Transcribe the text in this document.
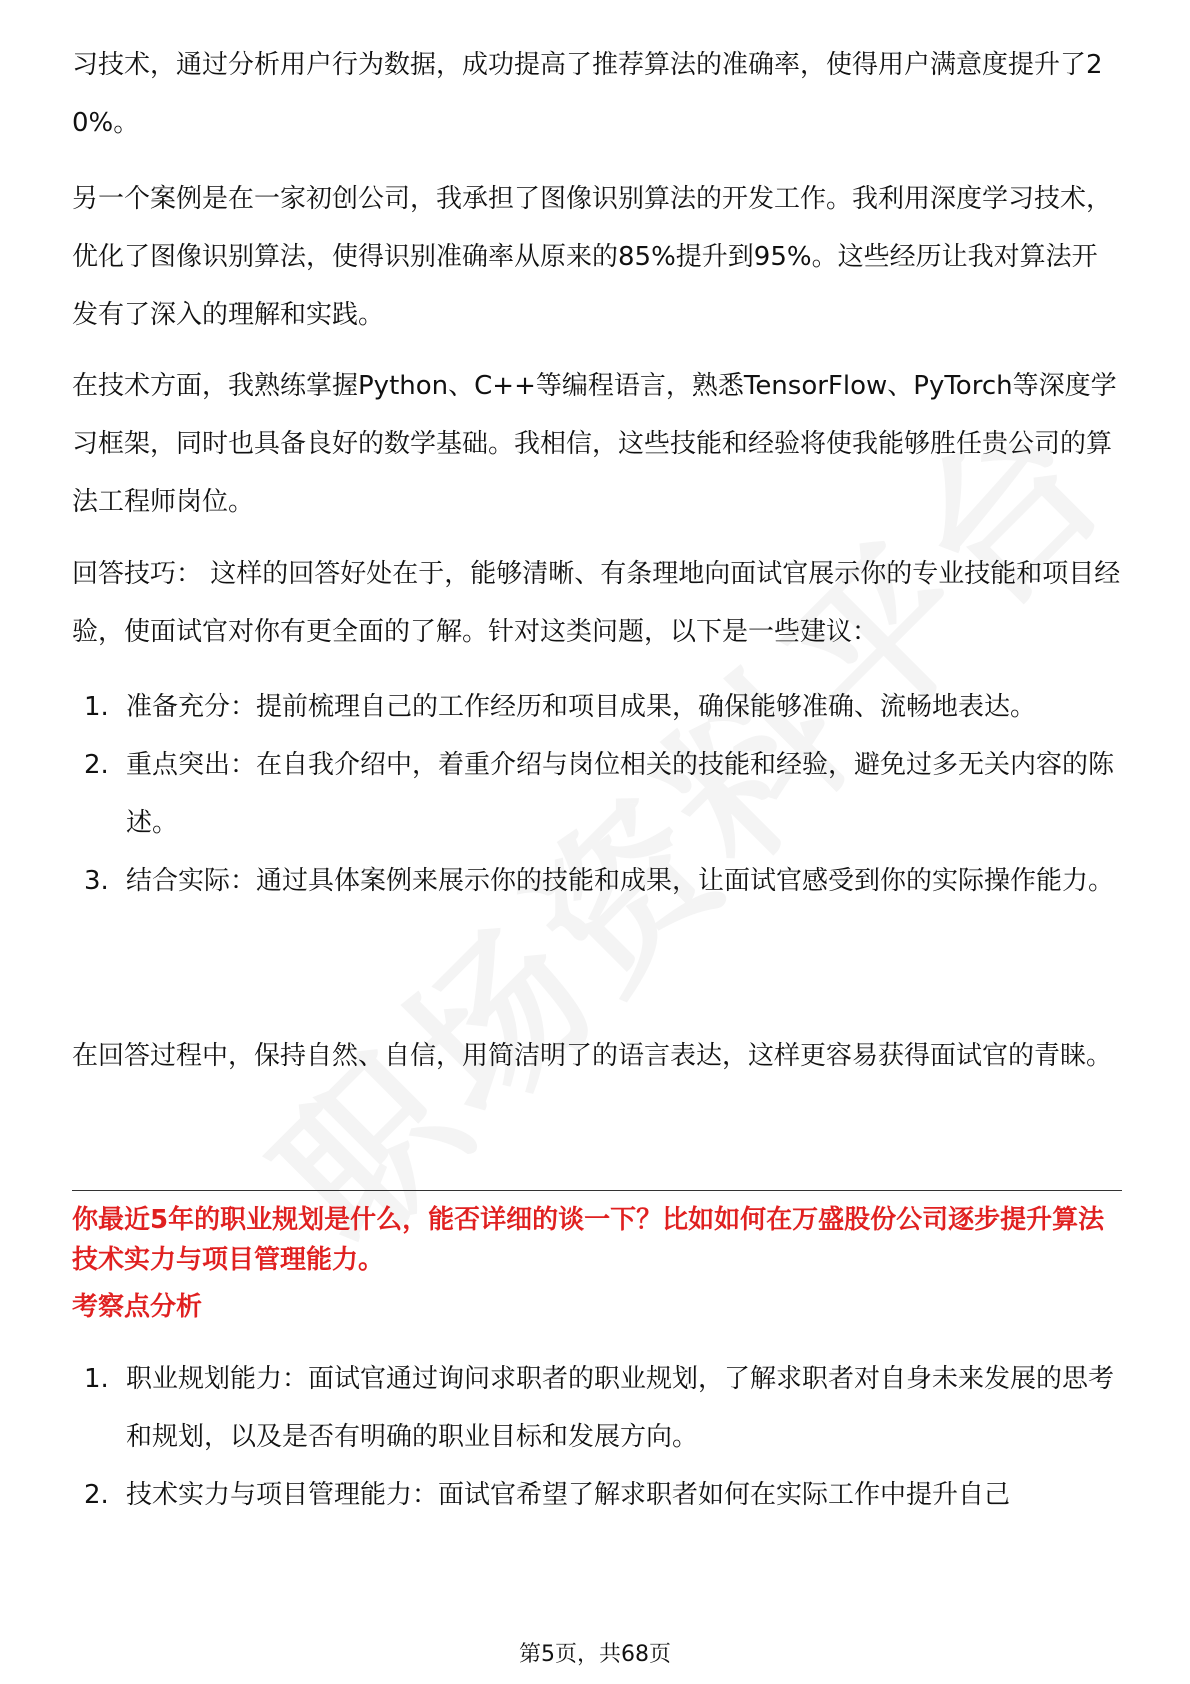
习技术，通过分析用户行为数据，成功提高了推荐算法的准确率，使得用户满意度提升了20%。

另一个案例是在一家初创公司，我承担了图像识别算法的开发工作。我利用深度学习技术，优化了图像识别算法，使得识别准确率从原来的85%提升到95%。这些经历让我对算法开发有了深入的理解和实践。

在技术方面，我熟练掌握Python、C++等编程语言，熟悉TensorFlow、PyTorch等深度学习框架，同时也具备良好的数学基础。我相信，这些技能和经验将使我能够胜任贵公司的算法工程师岗位。

回答技巧： 这样的回答好处在于，能够清晰、有条理地向面试官展示你的专业技能和项目经验，使面试官对你有更全面的了解。针对这类问题，以下是一些建议：

1. 准备充分：提前梳理自己的工作经历和项目成果，确保能够准确、流畅地表达。
2. 重点突出：在自我介绍中，着重介绍与岗位相关的技能和经验，避免过多无关内容的陈述。
3. 结合实际：通过具体案例来展示你的技能和成果，让面试官感受到你的实际操作能力。

在回答过程中，保持自然、自信，用简洁明了的语言表达，这样更容易获得面试官的青睐。

你最近5年的职业规划是什么，能否详细的谈一下？比如如何在万盛股份公司逐步提升算法技术实力与项目管理能力。

考察点分析

1. 职业规划能力：面试官通过询问求职者的职业规划，了解求职者对自身未来发展的思考和规划，以及是否有明确的职业目标和发展方向。
2. 技术实力与项目管理能力：面试官希望了解求职者如何在实际工作中提升自己
第5页，共68页
